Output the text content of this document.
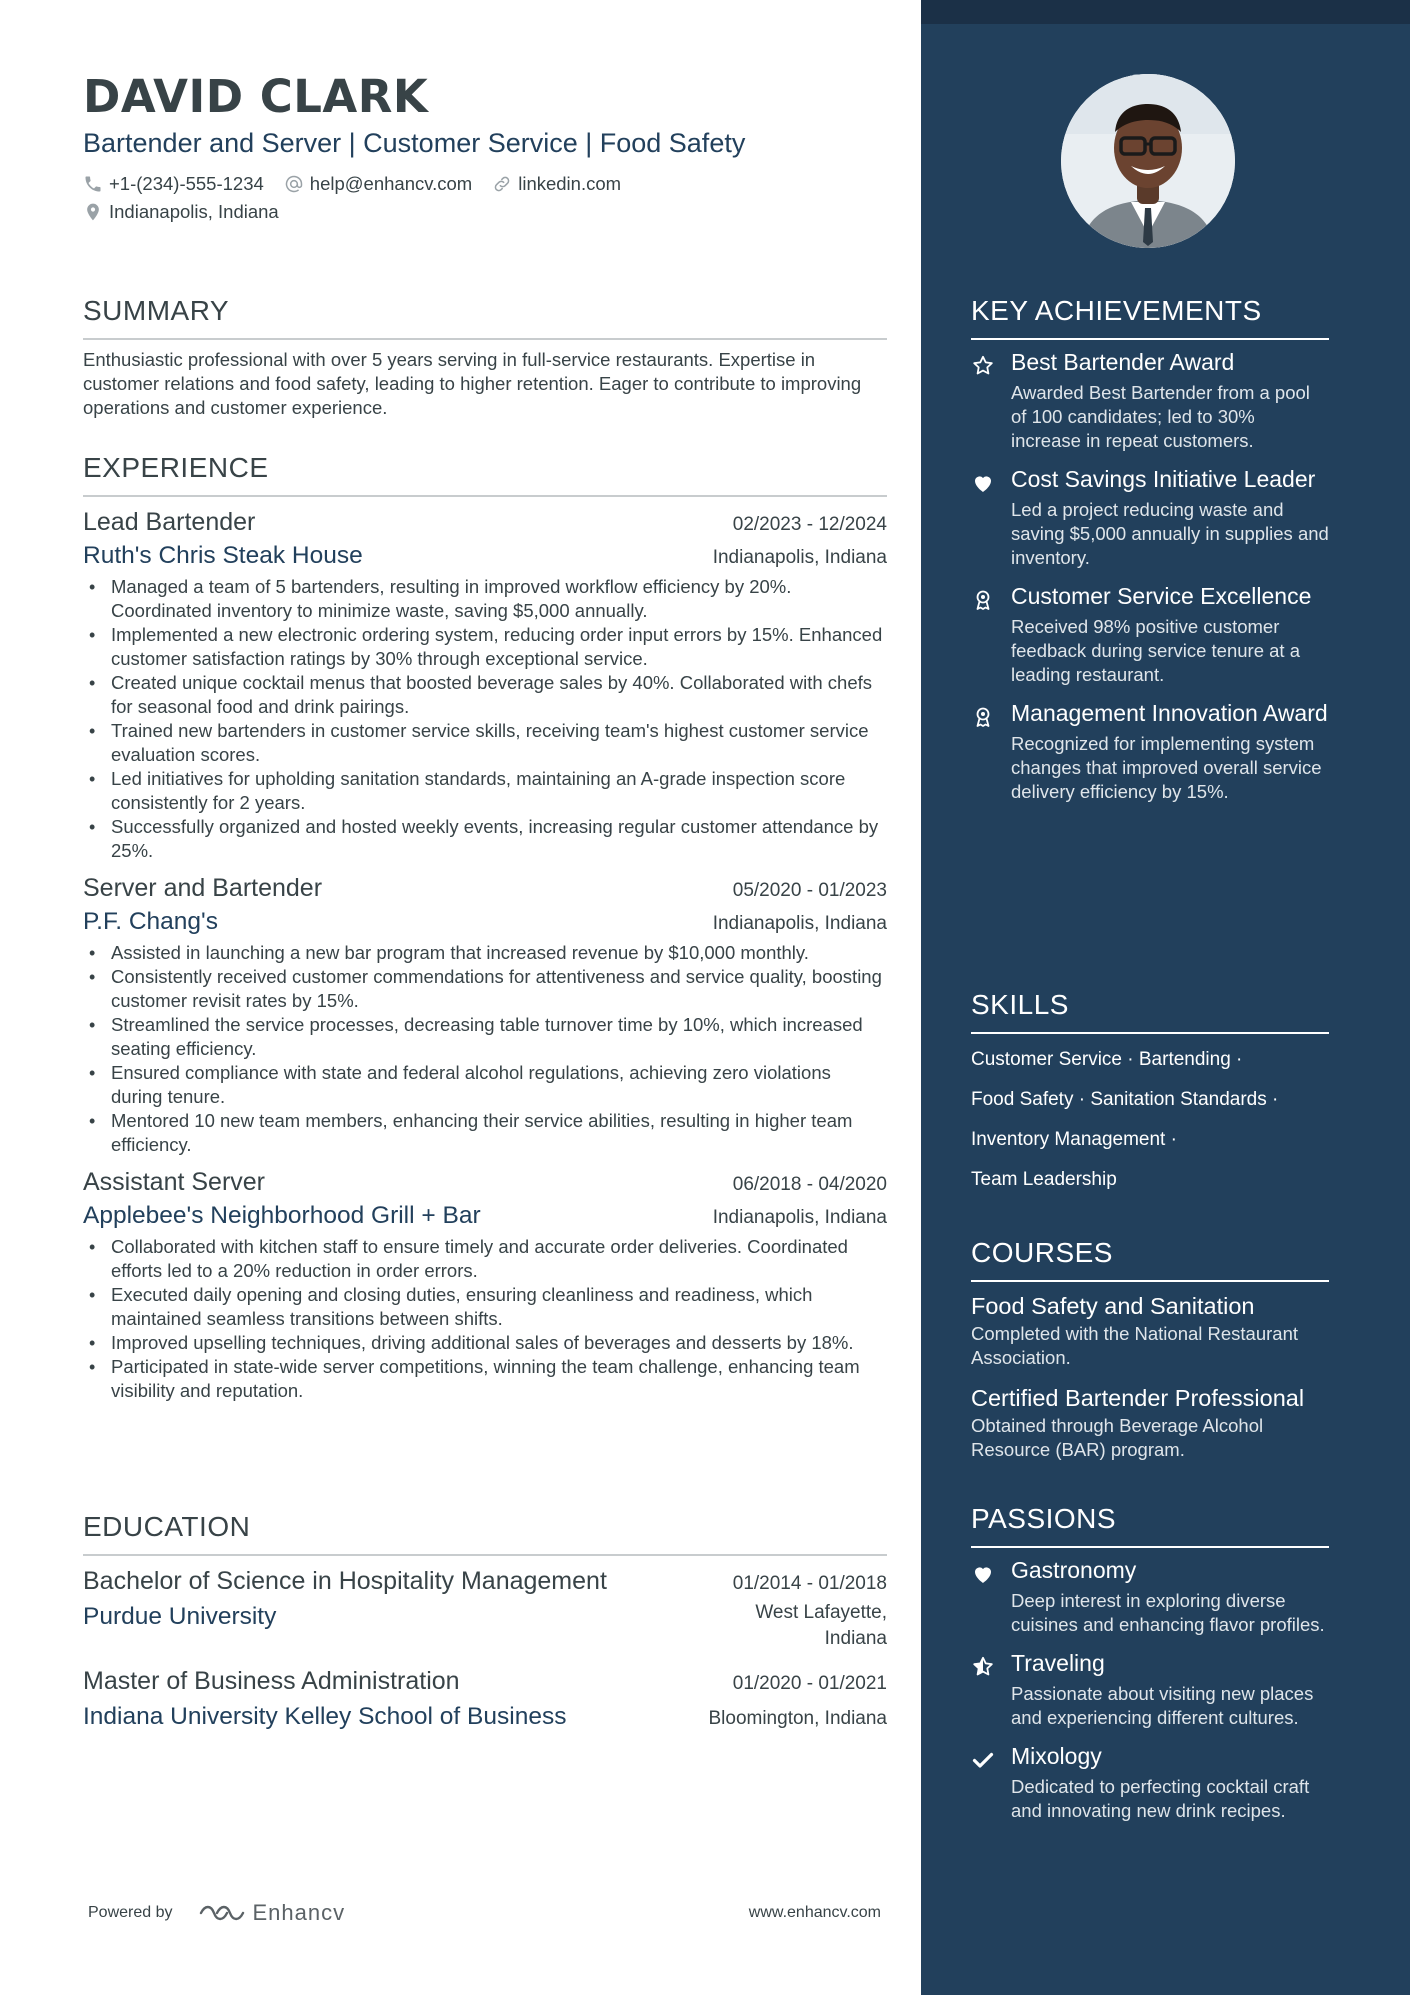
DAVID CLARK
Bartender and Server | Customer Service | Food Safety
+1-(234)-555-1234 help@enhancv.com linkedin.com
Indianapolis, Indiana
SUMMARY
Enthusiastic professional with over 5 years serving in full-service restaurants. Expertise in customer relations and food safety, leading to higher retention. Eager to contribute to improving operations and customer experience.
EXPERIENCE
Lead Bartender	02/2023 - 12/2024
Ruth's Chris Steak House	Indianapolis, Indiana
• Managed a team of 5 bartenders, resulting in improved workflow efficiency by 20%. Coordinated inventory to minimize waste, saving $5,000 annually.
• Implemented a new electronic ordering system, reducing order input errors by 15%. Enhanced customer satisfaction ratings by 30% through exceptional service.
• Created unique cocktail menus that boosted beverage sales by 40%. Collaborated with chefs for seasonal food and drink pairings.
• Trained new bartenders in customer service skills, receiving team's highest customer service evaluation scores.
• Led initiatives for upholding sanitation standards, maintaining an A-grade inspection score consistently for 2 years.
• Successfully organized and hosted weekly events, increasing regular customer attendance by 25%.
Server and Bartender	05/2020 - 01/2023
P.F. Chang's	Indianapolis, Indiana
• Assisted in launching a new bar program that increased revenue by $10,000 monthly.
• Consistently received customer commendations for attentiveness and service quality, boosting customer revisit rates by 15%.
• Streamlined the service processes, decreasing table turnover time by 10%, which increased seating efficiency.
• Ensured compliance with state and federal alcohol regulations, achieving zero violations during tenure.
• Mentored 10 new team members, enhancing their service abilities, resulting in higher team efficiency.
Assistant Server	06/2018 - 04/2020
Applebee's Neighborhood Grill + Bar	Indianapolis, Indiana
• Collaborated with kitchen staff to ensure timely and accurate order deliveries. Coordinated efforts led to a 20% reduction in order errors.
• Executed daily opening and closing duties, ensuring cleanliness and readiness, which maintained seamless transitions between shifts.
• Improved upselling techniques, driving additional sales of beverages and desserts by 18%.
• Participated in state-wide server competitions, winning the team challenge, enhancing team visibility and reputation.
EDUCATION
Bachelor of Science in Hospitality Management	01/2014 - 01/2018
Purdue University	West Lafayette,
Indiana
Master of Business Administration	01/2020 - 01/2021
Indiana University Kelley School of Business	Bloomington, Indiana
Powered by	Enhancv	www.enhancv.com
KEY ACHIEVEMENTS
Best Bartender Award
Awarded Best Bartender from a pool of 100 candidates; led to 30% increase in repeat customers.
Cost Savings Initiative Leader
Led a project reducing waste and saving $5,000 annually in supplies and inventory.
Customer Service Excellence
Received 98% positive customer feedback during service tenure at a leading restaurant.
Management Innovation Award
Recognized for implementing system changes that improved overall service delivery efficiency by 15%.
SKILLS
Customer Service · Bartending ·
Food Safety · Sanitation Standards ·
Inventory Management ·
Team Leadership
COURSES
Food Safety and Sanitation
Completed with the National Restaurant Association.
Certified Bartender Professional
Obtained through Beverage Alcohol Resource (BAR) program.
PASSIONS
Gastronomy
Deep interest in exploring diverse cuisines and enhancing flavor profiles.
Traveling
Passionate about visiting new places and experiencing different cultures.
Mixology
Dedicated to perfecting cocktail craft and innovating new drink recipes.
